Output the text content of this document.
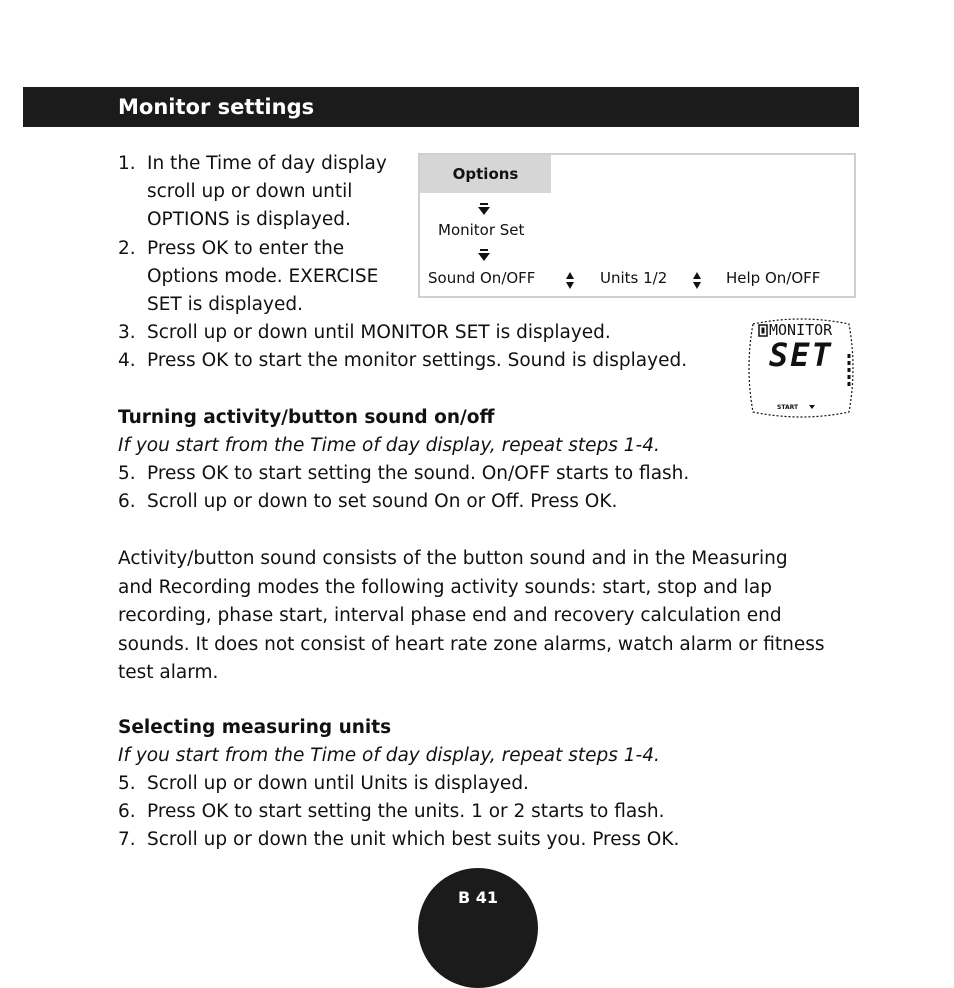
Monitor settings
1. In the Time of day display
scroll up or down until
OPTIONS is displayed.
2. Press OK to enter the
Options mode. EXERCISE
SET is displayed.
3. Scroll up or down until MONITOR SET is displayed.
4. Press OK to start the monitor settings. Sound is displayed.
Options
Monitor Set
Sound On/OFF	Units 1/2	Help On/OFF
MONITOR
SET
START
Turning activity/button sound on/off
If you start from the Time of day display, repeat steps 1-4.
5. Press OK to start setting the sound. On/OFF starts to flash.
6. Scroll up or down to set sound On or Off. Press OK.
Activity/button sound consists of the button sound and in the Measuring
and Recording modes the following activity sounds: start, stop and lap
recording, phase start, interval phase end and recovery calculation end
sounds. It does not consist of heart rate zone alarms, watch alarm or fitness
test alarm.
Selecting measuring units
If you start from the Time of day display, repeat steps 1-4.
5. Scroll up or down until Units is displayed.
6. Press OK to start setting the units. 1 or 2 starts to flash.
7. Scroll up or down the unit which best suits you. Press OK.
B 41
